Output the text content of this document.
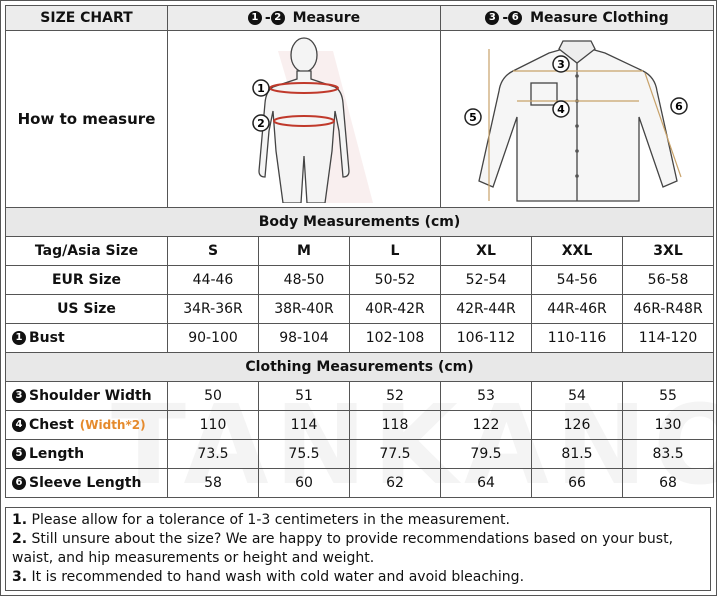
SIZE CHART	1 - 2 Measure			3 - 6 Measure Clothing		
How to measure	1
2			3
4
5
6		

Body Measurements (cm)						
Tag/Asia Size	S	M	L	XL	XXL	3XL
EUR Size	44-46	48-50	50-52	52-54	54-56	56-58
US Size	34R-36R	38R-40R	40R-42R	42R-44R	44R-46R	46R-R48R
1 Bust	90-100	98-104	102-108	106-112	110-116	114-120
Clothing Measurements (cm)						
3 Shoulder Width	50	51	52	53	54	55
4 Chest (Width*2)	110	114	118	122	126	130
5 Length	73.5	75.5	77.5	79.5	81.5	83.5
6 Sleeve Length	58	60	62	64	66	68
1. Please allow for a tolerance of 1-3 centimeters in the measurement.
2. Still unsure about the size? We are happy to provide recommendations based on your bust, waist, and hip measurements or height and weight.
3. It is recommended to hand wash with cold water and avoid bleaching.
